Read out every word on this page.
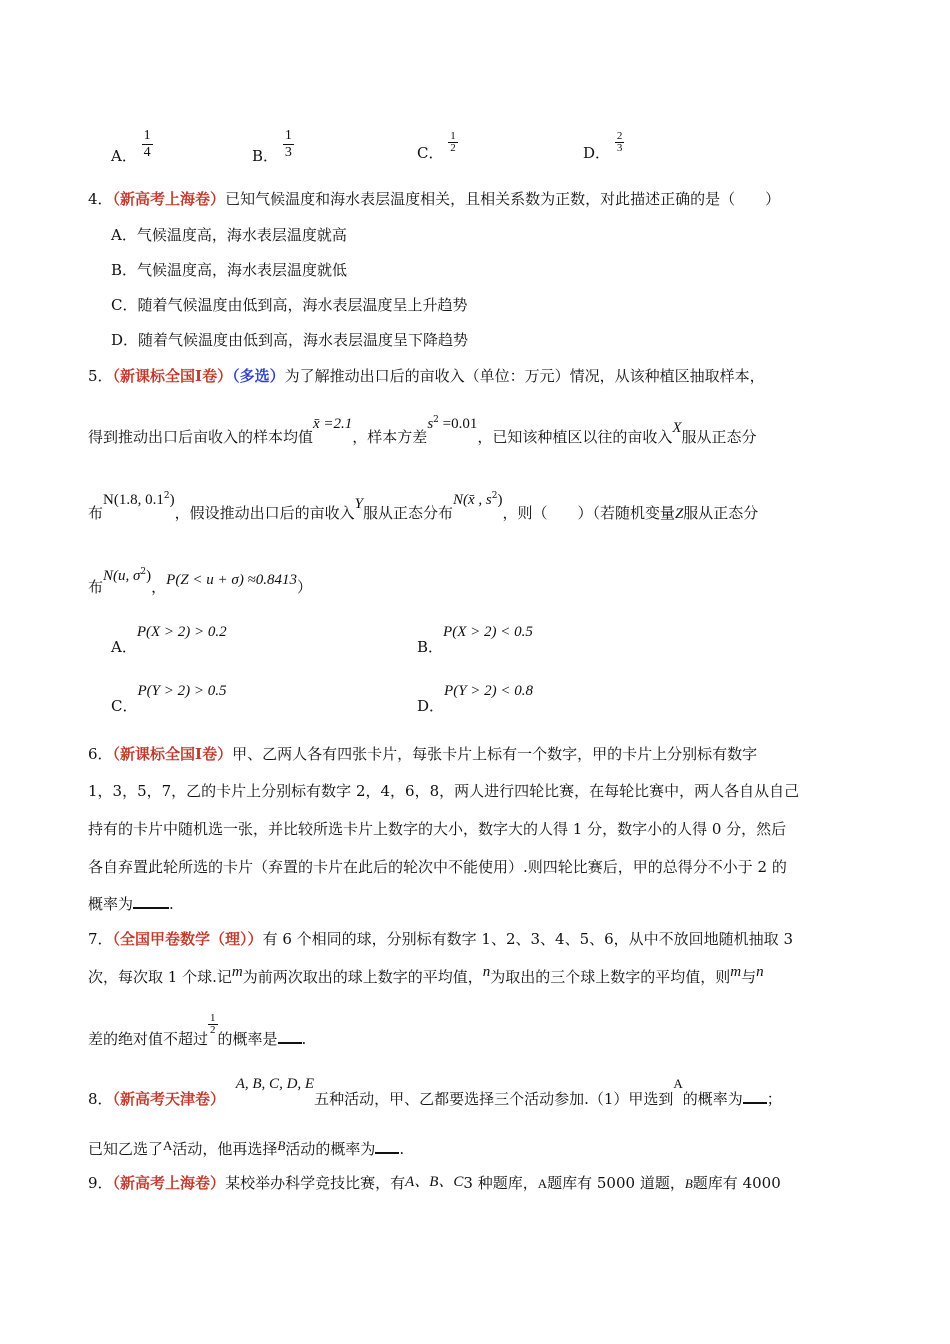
A． $\frac{1}{4}$	B． $\frac{1}{3}$	C． $\frac{1}{2}$	D． $\frac{2}{3}$
4．（新高考上海卷）已知气候温度和海水表层温度相关，且相关系数为正数，对此描述正确的是（　　）
A．气候温度高，海水表层温度就高
B．气候温度高，海水表层温度就低
C．随着气候温度由低到高，海水表层温度呈上升趋势
D．随着气候温度由低到高，海水表层温度呈下降趋势
5．（新课标全国Ⅰ卷）（多选）为了解推动出口后的亩收入（单位：万元）情况，从该种植区抽取样本，
得到推动出口后亩收入的样本均值x̄ =2.1，样本方差$s^2 =0.01$，已知该种植区以往的亩收入X服从正态分
布N(1.8, $0.1^2$)，假设推动出口后的亩收入Y服从正态分布N(x̄ , $s^2$)，则（　　）（若随机变量Z服从正态分
布N(u, $\sigma^2$)，P(Z < u + σ) ≈0.8413）
A．P(X > 2) > 0.2
B．P(X > 2) < 0.5
C．P(Y > 2) > 0.5
D．P(Y > 2) < 0.8
6．（新课标全国Ⅰ卷）甲、乙两人各有四张卡片，每张卡片上标有一个数字，甲的卡片上分别标有数字
1，3，5，7，乙的卡片上分别标有数字 2，4，6，8，两人进行四轮比赛，在每轮比赛中，两人各自从自己
持有的卡片中随机选一张，并比较所选卡片上数字的大小，数字大的人得 1 分，数字小的人得 0 分，然后
各自弃置此轮所选的卡片（弃置的卡片在此后的轮次中不能使用）.则四轮比赛后，甲的总得分不小于 2 的
概率为 .
7．（全国甲卷数学（理））有 6 个相同的球，分别标有数字 1、2、3、4、5、6，从中不放回地随机抽取 3
次，每次取 1 个球.记m为前两次取出的球上数字的平均值，n为取出的三个球上数字的平均值，则m与n
差的绝对值不超过
$\frac{1}{2}$
的概率是 .
8．（新高考天津卷）A, B, C, D, E五种活动，甲、乙都要选择三个活动参加.（1）甲选到A的概率为 ；
已知乙选了A活动，他再选择B活动的概率为 .
9．（新高考上海卷）某校举办科学竞技比赛，有A、B、C3 种题库，A题库有 5000 道题，B题库有 4000
